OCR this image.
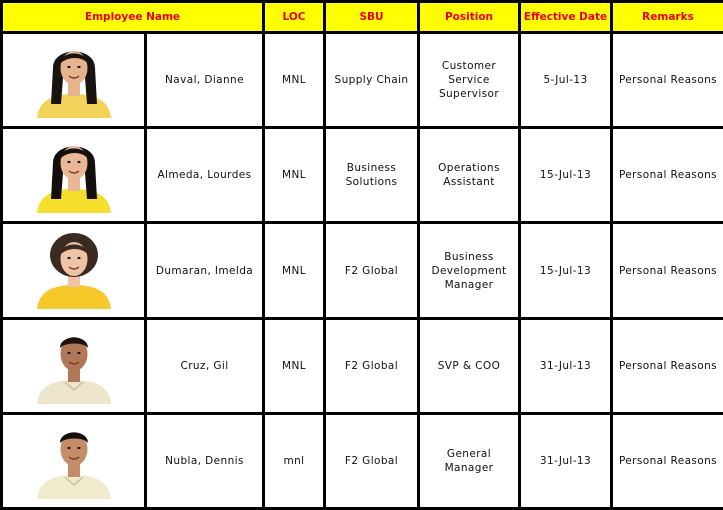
Employee Name		LOC	SBU	Position	Effective Date	Remarks

	Naval, Dianne	MNL	Supply Chain	Customer Service Supervisor	5-Jul-13	Personal Reasons

	Almeda, Lourdes	MNL	Business Solutions	Operations Assistant	15-Jul-13	Personal Reasons

	Dumaran, Imelda	MNL	F2 Global	Business Development Manager	15-Jul-13	Personal Reasons

	Cruz, Gil	MNL	F2 Global	SVP & COO	31-Jul-13	Personal Reasons

	Nubla, Dennis	mnl	F2 Global	General Manager	31-Jul-13	Personal Reasons
